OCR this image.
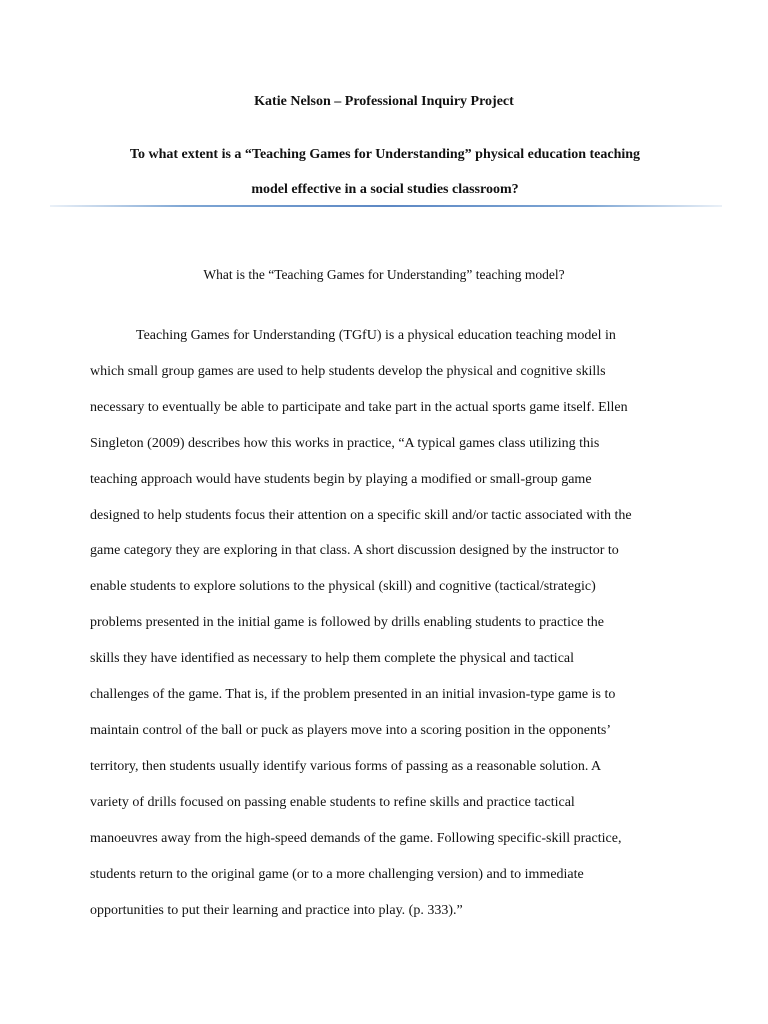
Katie Nelson – Professional Inquiry Project
To what extent is a “Teaching Games for Understanding” physical education teaching
model effective in a social studies classroom?
What is the “Teaching Games for Understanding” teaching model?

Teaching Games for Understanding (TGfU) is a physical education teaching model in
which small group games are used to help students develop the physical and cognitive skills
necessary to eventually be able to participate and take part in the actual sports game itself. Ellen
Singleton (2009) describes how this works in practice, “A typical games class utilizing this
teaching approach would have students begin by playing a modified or small-group game
designed to help students focus their attention on a specific skill and/or tactic associated with the
game category they are exploring in that class. A short discussion designed by the instructor to
enable students to explore solutions to the physical (skill) and cognitive (tactical/strategic)
problems presented in the initial game is followed by drills enabling students to practice the
skills they have identified as necessary to help them complete the physical and tactical
challenges of the game. That is, if the problem presented in an initial invasion-type game is to
maintain control of the ball or puck as players move into a scoring position in the opponents’
territory, then students usually identify various forms of passing as a reasonable solution. A
variety of drills focused on passing enable students to refine skills and practice tactical
manoeuvres away from the high-speed demands of the game. Following specific-skill practice,
students return to the original game (or to a more challenging version) and to immediate
opportunities to put their learning and practice into play. (p. 333).”
